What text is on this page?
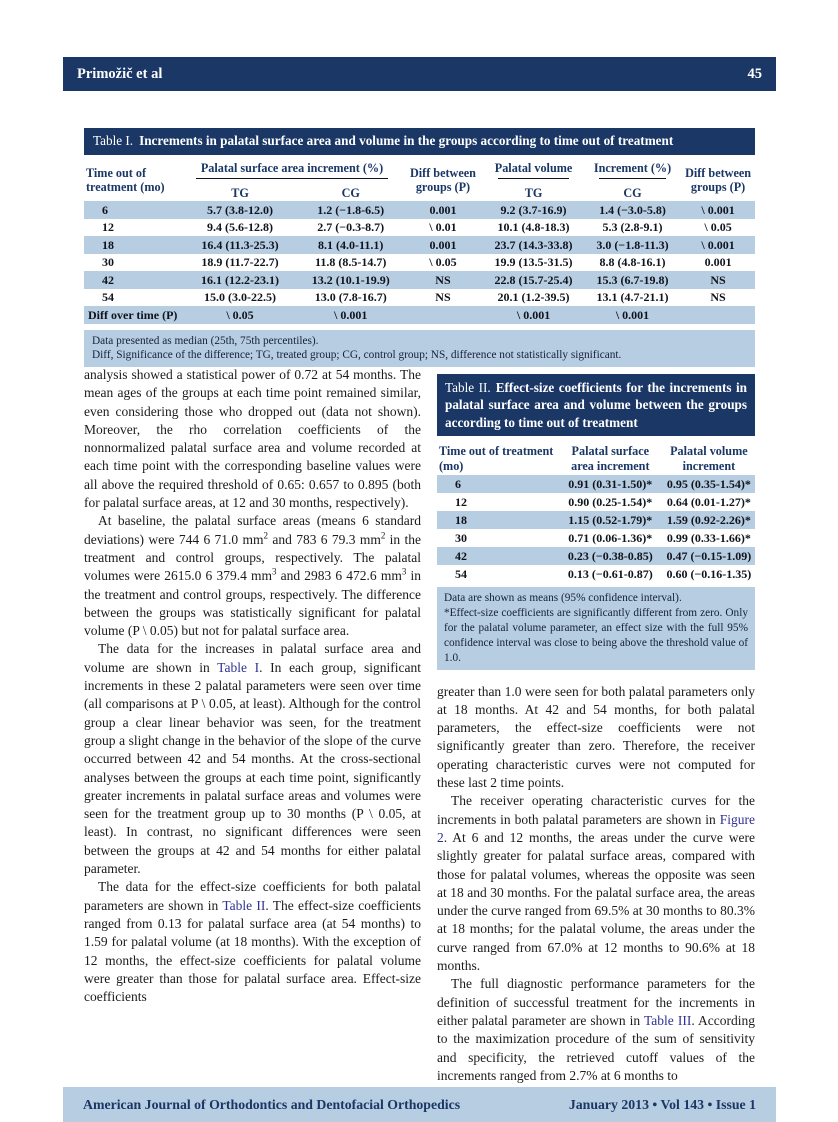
Primožič et al	45
Table I. Increments in palatal surface area and volume in the groups according to time out of treatment
Time out of treatment (mo)	Palatal surface area increment (%)		Diff between groups (P)	Palatal volume	Increment (%)	Diff between groups (P)
	TG	CG		TG	CG	
6	5.7 (3.8-12.0)	1.2 (−1.8-6.5)	0.001	9.2 (3.7-16.9)	1.4 (−3.0-5.8)	\ 0.001
12	9.4 (5.6-12.8)	2.7 (−0.3-8.7)	\ 0.01	10.1 (4.8-18.3)	5.3 (2.8-9.1)	\ 0.05
18	16.4 (11.3-25.3)	8.1 (4.0-11.1)	0.001	23.7 (14.3-33.8)	3.0 (−1.8-11.3)	\ 0.001
30	18.9 (11.7-22.7)	11.8 (8.5-14.7)	\ 0.05	19.9 (13.5-31.5)	8.8 (4.8-16.1)	0.001
42	16.1 (12.2-23.1)	13.2 (10.1-19.9)	NS	22.8 (15.7-25.4)	15.3 (6.7-19.8)	NS
54	15.0 (3.0-22.5)	13.0 (7.8-16.7)	NS	20.1 (1.2-39.5)	13.1 (4.7-21.1)	NS
Diff over time (P)	\ 0.05	\ 0.001		\ 0.001	\ 0.001	
Data presented as median (25th, 75th percentiles).
Diff, Significance of the difference; TG, treated group; CG, control group; NS, difference not statistically significant.

analysis showed a statistical power of 0.72 at 54 months. The mean ages of the groups at each time point remained similar, even considering those who dropped out (data not shown). Moreover, the rho correlation coefficients of the nonnormalized palatal surface area and volume recorded at each time point with the corresponding baseline values were all above the required threshold of 0.65: 0.657 to 0.895 (both for palatal surface areas, at 12 and 30 months, respectively).

At baseline, the palatal surface areas (means 6 standard deviations) were 744 6 71.0 $mm^2$ and 783 6 79.3 $mm^2$ in the treatment and control groups, respectively. The palatal volumes were 2615.0 6 379.4 $mm^3$ and 2983 6 472.6 $mm^3$ in the treatment and control groups, respectively. The difference between the groups was statistically significant for palatal volume (P \ 0.05) but not for palatal surface area.

The data for the increases in palatal surface area and volume are shown in Table I. In each group, significant increments in these 2 palatal parameters were seen over time (all comparisons at P \ 0.05, at least). Although for the control group a clear linear behavior was seen, for the treatment group a slight change in the behavior of the slope of the curve occurred between 42 and 54 months. At the cross-sectional analyses between the groups at each time point, significantly greater increments in palatal surface areas and volumes were seen for the treatment group up to 30 months (P \ 0.05, at least). In contrast, no significant differences were seen between the groups at 42 and 54 months for either palatal parameter.

The data for the effect-size coefficients for both palatal parameters are shown in Table II. The effect-size coefficients ranged from 0.13 for palatal surface area (at 54 months) to 1.59 for palatal volume (at 18 months). With the exception of 12 months, the effect-size coefficients for palatal volume were greater than those for palatal surface area. Effect-size coefficients

Table II. Effect-size coefficients for the increments in palatal surface area and volume between the groups according to time out of treatment
Time out of treatment (mo)	Palatal surface area increment	Palatal volume increment
6	0.91 (0.31-1.50)*	0.95 (0.35-1.54)*
12	0.90 (0.25-1.54)*	0.64 (0.01-1.27)*
18	1.15 (0.52-1.79)*	1.59 (0.92-2.26)*
30	0.71 (0.06-1.36)*	0.99 (0.33-1.66)*
42	0.23 (−0.38-0.85)	0.47 (−0.15-1.09)
54	0.13 (−0.61-0.87)	0.60 (−0.16-1.35)
Data are shown as means (95% confidence interval).
*Effect-size coefficients are significantly different from zero. Only for the palatal volume parameter, an effect size with the full 95% confidence interval was close to being above the threshold value of 1.0.

greater than 1.0 were seen for both palatal parameters only at 18 months. At 42 and 54 months, for both palatal parameters, the effect-size coefficients were not significantly greater than zero. Therefore, the receiver operating characteristic curves were not computed for these last 2 time points.

The receiver operating characteristic curves for the increments in both palatal parameters are shown in Figure 2. At 6 and 12 months, the areas under the curve were slightly greater for palatal surface areas, compared with those for palatal volumes, whereas the opposite was seen at 18 and 30 months. For the palatal surface area, the areas under the curve ranged from 69.5% at 30 months to 80.3% at 18 months; for the palatal volume, the areas under the curve ranged from 67.0% at 12 months to 90.6% at 18 months.

The full diagnostic performance parameters for the definition of successful treatment for the increments in either palatal parameter are shown in Table III. According to the maximization procedure of the sum of sensitivity and specificity, the retrieved cutoff values of the increments ranged from 2.7% at 6 months to

American Journal of Orthodontics and Dentofacial Orthopedics	January 2013 • Vol 143 • Issue 1
